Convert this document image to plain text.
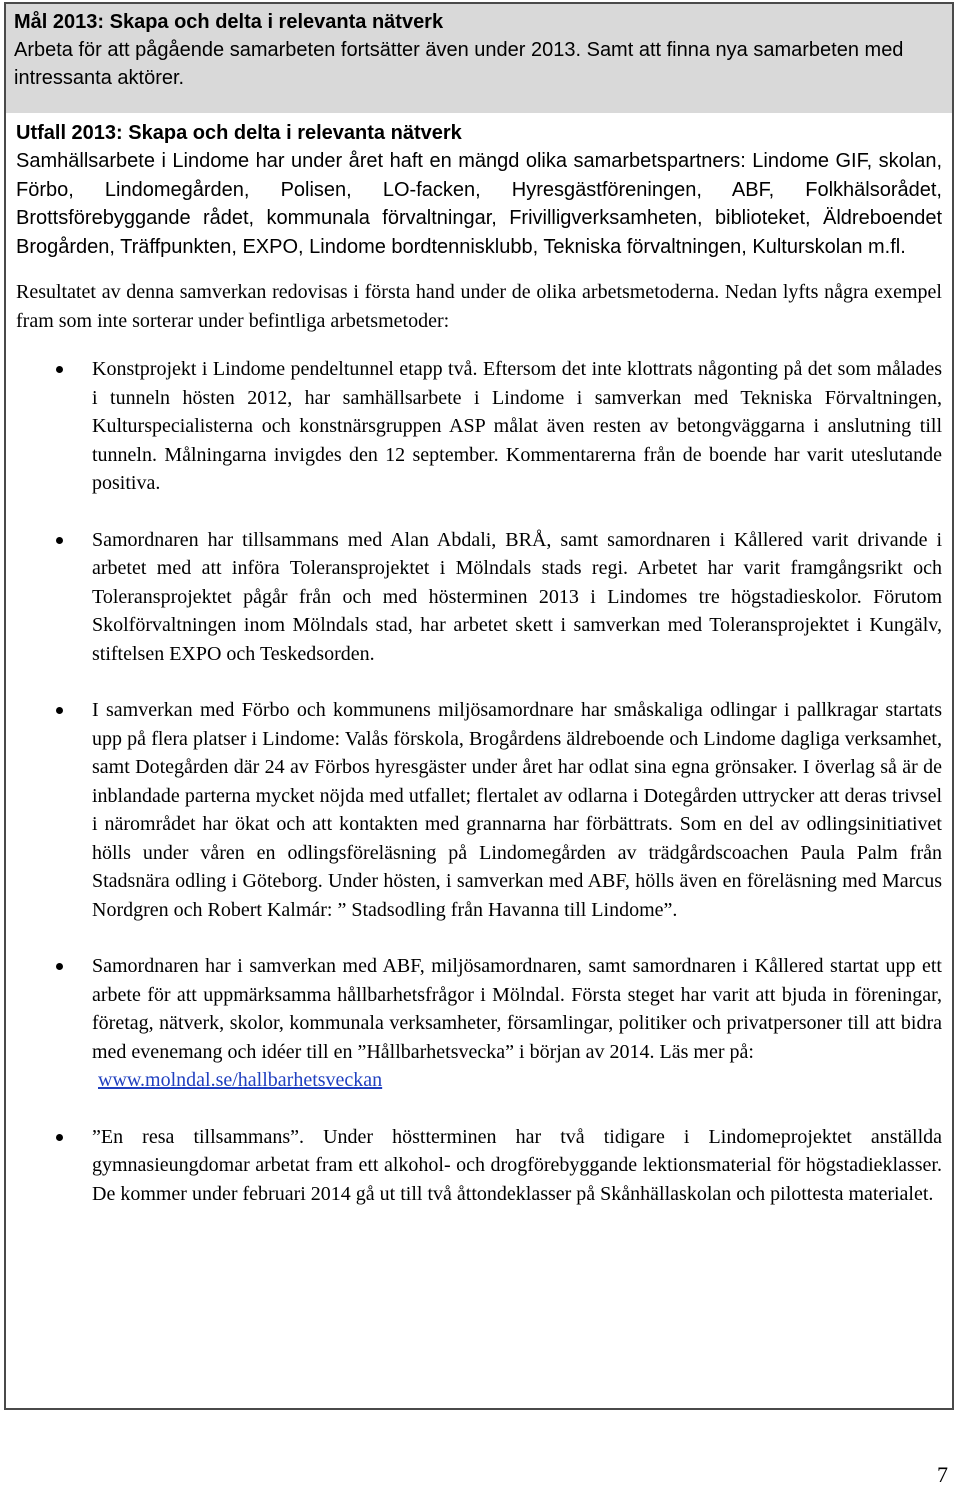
Mål 2013: Skapa och delta i relevanta nätverk
Arbeta för att pågående samarbeten fortsätter även under 2013. Samt att finna nya samarbeten med intressanta aktörer.
Utfall 2013: Skapa och delta i relevanta nätverk
Samhällsarbete i Lindome har under året haft en mängd olika samarbetspartners: Lindome GIF, skolan, Förbo, Lindomegården, Polisen, LO-facken, Hyresgästföreningen, ABF, Folkhälsorådet, Brottsförebyggande rådet, kommunala förvaltningar, Frivilligverksamheten, biblioteket, Äldreboendet Brogården, Träffpunkten, EXPO, Lindome bordtennisklubb, Tekniska förvaltningen, Kulturskolan m.fl.
Resultatet av denna samverkan redovisas i första hand under de olika arbetsmetoderna. Nedan lyfts några exempel fram som inte sorterar under befintliga arbetsmetoder:
Konstprojekt i Lindome pendeltunnel etapp två. Eftersom det inte klottrats någonting på det som målades i tunneln hösten 2012, har samhällsarbete i Lindome i samverkan med Tekniska Förvaltningen, Kulturspecialisterna och konstnärsgruppen ASP målat även resten av betongväggarna i anslutning till tunneln. Målningarna invigdes den 12 september. Kommentarerna från de boende har varit uteslutande positiva.
Samordnaren har tillsammans med Alan Abdali, BRÅ, samt samordnaren i Kållered varit drivande i arbetet med att införa Toleransprojektet i Mölndals stads regi. Arbetet har varit framgångsrikt och Toleransprojektet pågår från och med hösterminen 2013 i Lindomes tre högstadieskolor. Förutom Skolförvaltningen inom Mölndals stad, har arbetet skett i samverkan med Toleransprojektet i Kungälv, stiftelsen EXPO och Teskedsorden.
I samverkan med Förbo och kommunens miljösamordnare har småskaliga odlingar i pallkragar startats upp på flera platser i Lindome: Valås förskola, Brogårdens äldreboende och Lindome dagliga verksamhet, samt Dotegården där 24 av Förbos hyresgäster under året har odlat sina egna grönsaker. I överlag så är de inblandade parterna mycket nöjda med utfallet; flertalet av odlarna i Dotegården uttrycker att deras trivsel i närområdet har ökat och att kontakten med grannarna har förbättrats. Som en del av odlingsinitiativet hölls under våren en odlingsföreläsning på Lindomegården av trädgårdscoachen Paula Palm från Stadsnära odling i Göteborg. Under hösten, i samverkan med ABF, hölls även en föreläsning med Marcus Nordgren och Robert Kalmár: ” Stadsodling från Havanna till Lindome”.
Samordnaren har i samverkan med ABF, miljösamordnaren, samt samordnaren i Kållered startat upp ett arbete för att uppmärksamma hållbarhetsfrågor i Mölndal. Första steget har varit att bjuda in föreningar, företag, nätverk, skolor, kommunala verksamheter, församlingar, politiker och privatpersoner till att bidra med evenemang och idéer till en ”Hållbarhetsvecka” i början av 2014. Läs mer på:
www.molndal.se/hallbarhetsveckan
”En resa tillsammans”. Under höstterminen har två tidigare i Lindomeprojektet anställda gymnasieungdomar arbetat fram ett alkohol- och drogförebyggande lektionsmaterial för högstadieklasser. De kommer under februari 2014 gå ut till två åttondeklasser på Skånhällaskolan och pilottesta materialet.
7
